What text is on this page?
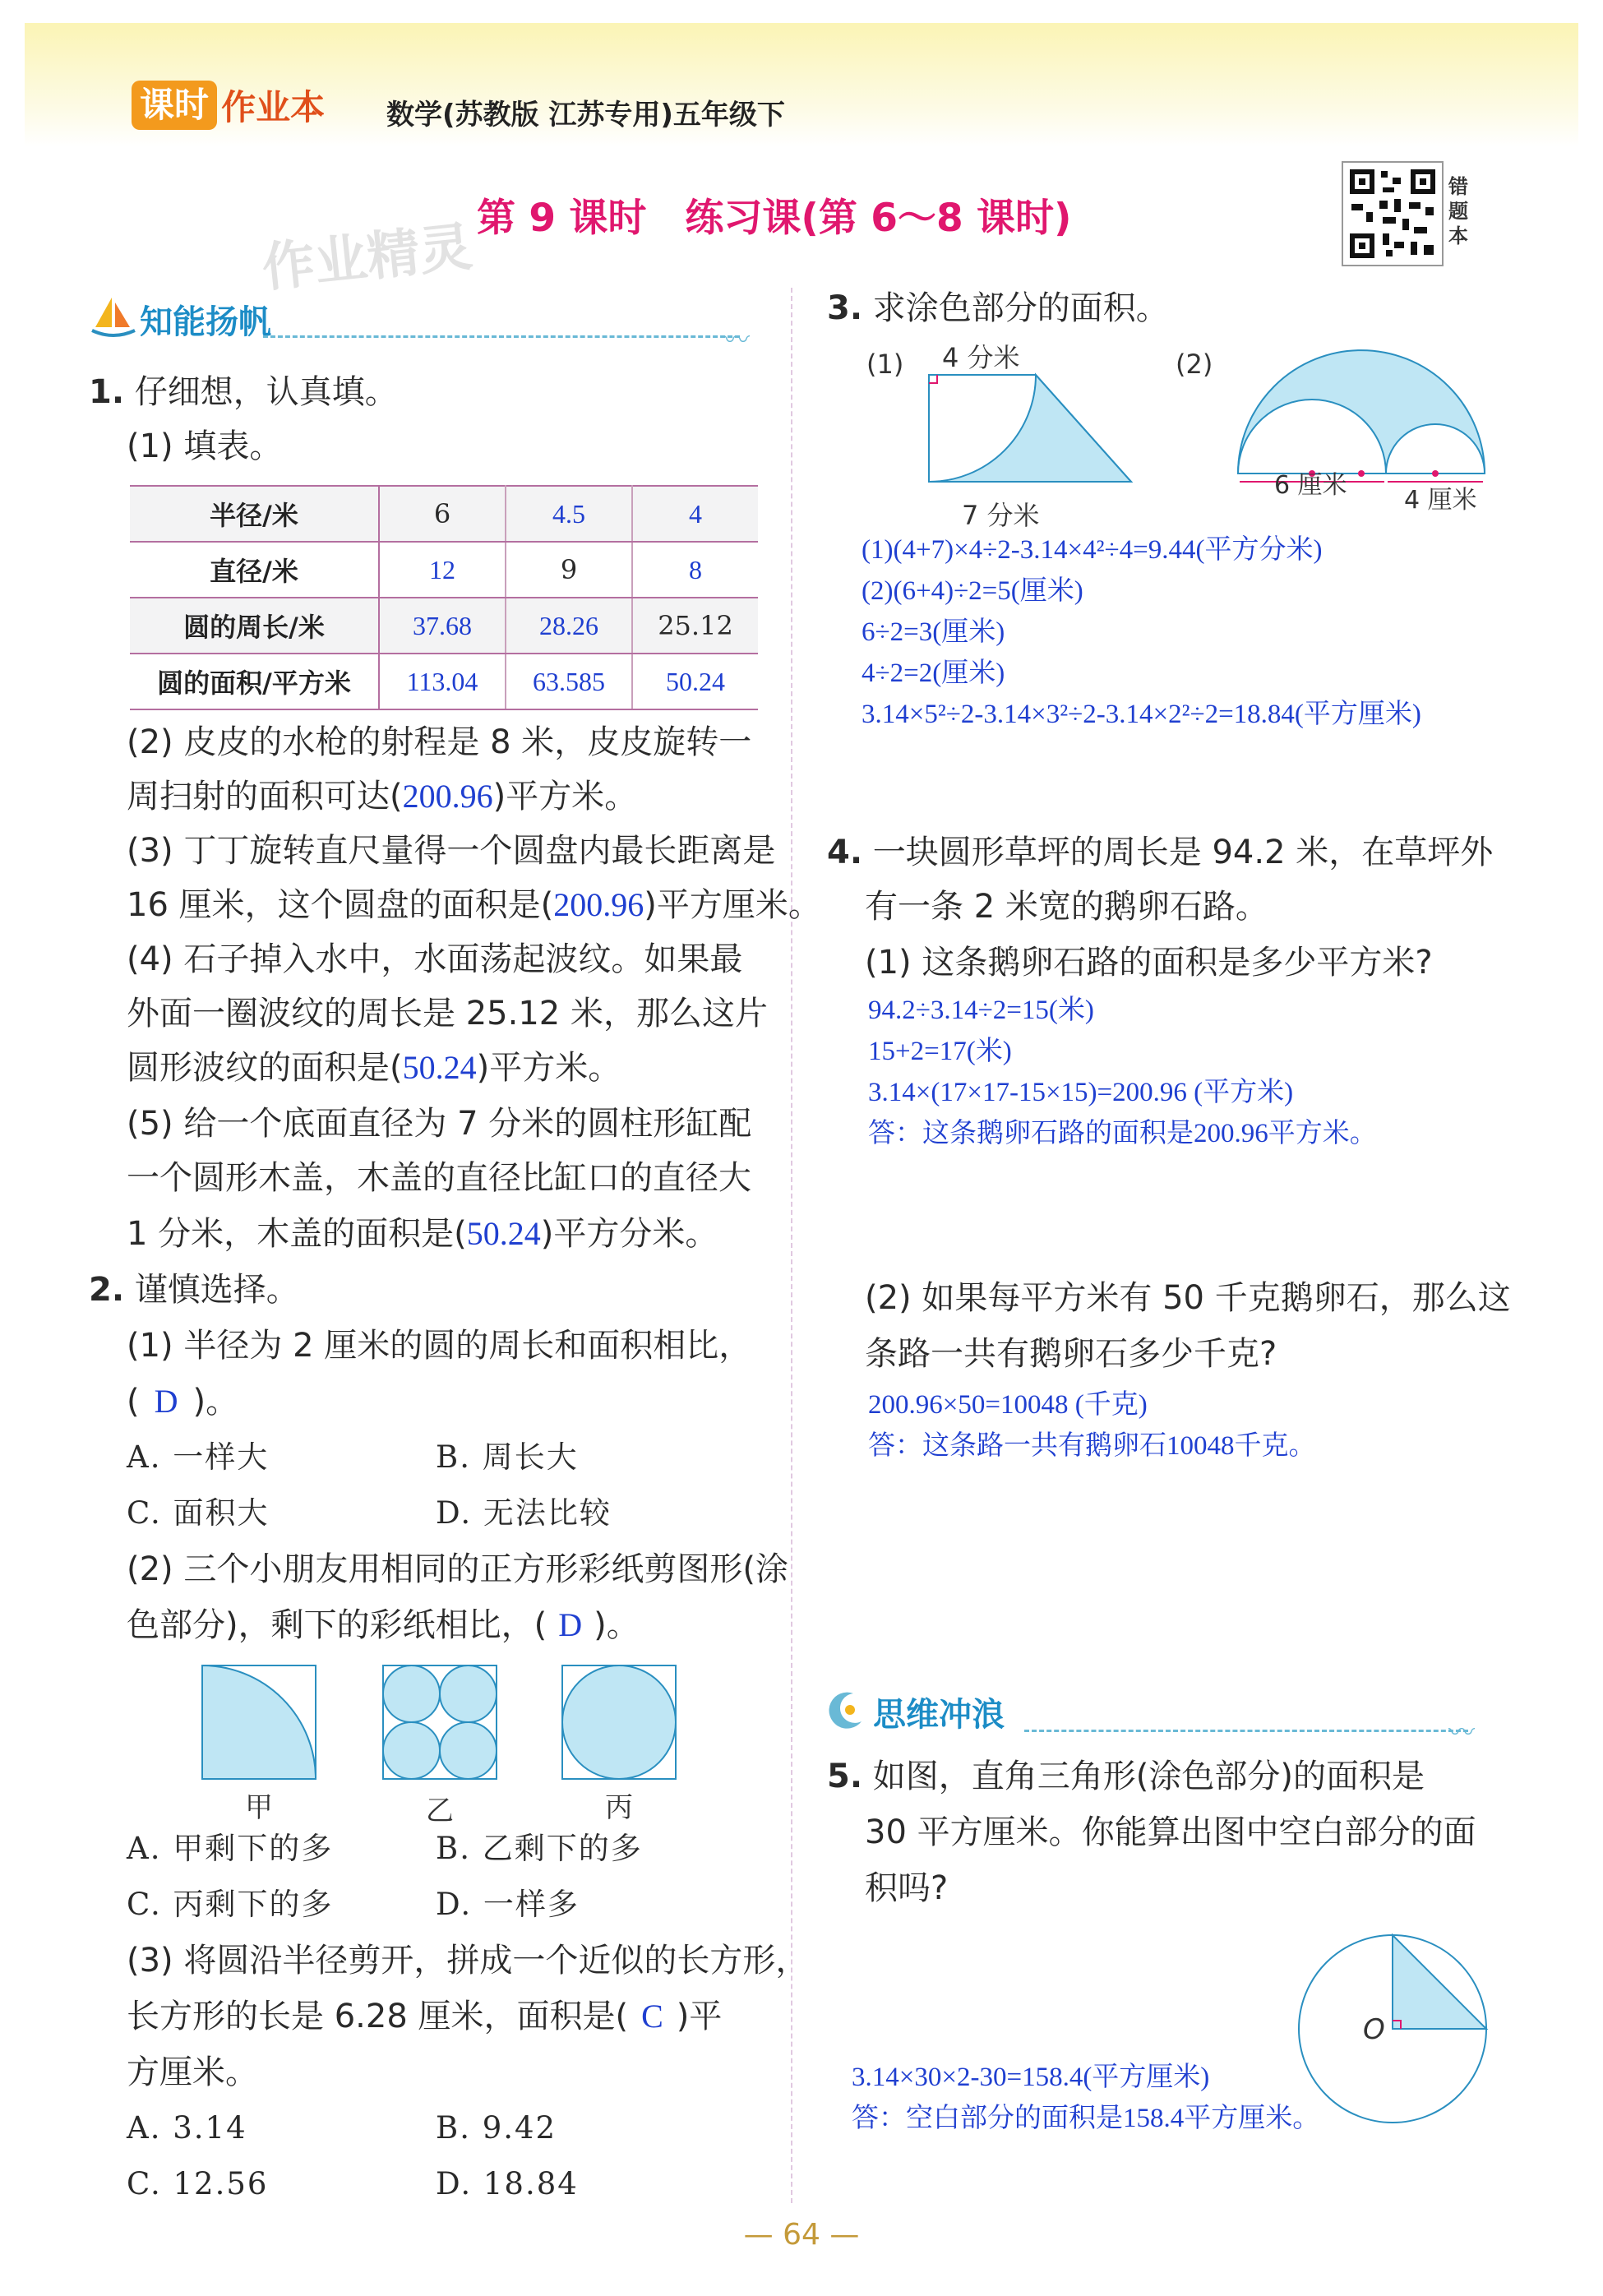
课时 作业本 数学(苏教版 江苏专用)五年级下
第 9 课时　练习课(第 6～8 课时)
作业精灵
错题本
知能扬帆	〰
1. 仔细想，认真填。
(1) 填表。
半径/米	6	4.5	4
直径/米	12	9	8
圆的周长/米	37.68	28.26	25.12
圆的面积/平方米	113.04	63.585	50.24
(2) 皮皮的水枪的射程是 8 米，皮皮旋转一
周扫射的面积可达(200.96)平方米。
(3) 丁丁旋转直尺量得一个圆盘内最长距离是
16 厘米，这个圆盘的面积是(200.96)平方厘米。
(4) 石子掉入水中，水面荡起波纹。如果最
外面一圈波纹的周长是 25.12 米，那么这片
圆形波纹的面积是(50.24)平方米。
(5) 给一个底面直径为 7 分米的圆柱形缸配
一个圆形木盖，木盖的直径比缸口的直径大
1 分米，木盖的面积是(50.24)平方分米。
2. 谨慎选择。
(1) 半径为 2 厘米的圆的周长和面积相比，
( D )。
A. 一样大	B. 周长大
C. 面积大	D. 无法比较
(2) 三个小朋友用相同的正方形彩纸剪图形(涂
色部分)，剩下的彩纸相比，( D )。
甲	乙	丙
A. 甲剩下的多	B. 乙剩下的多
C. 丙剩下的多	D. 一样多
(3) 将圆沿半径剪开，拼成一个近似的长方形，
长方形的长是 6.28 厘米，面积是( C )平
方厘米。
A. 3.14	B. 9.42
C. 12.56	D. 18.84
3. 求涂色部分的面积。
(1) 4 分米
7 分米
(2)
6 厘米
4 厘米
(1)(4+7)×4÷2-3.14×4²÷4=9.44(平方分米)
(2)(6+4)÷2=5(厘米)
6÷2=3(厘米)
4÷2=2(厘米)
3.14×5²÷2-3.14×3²÷2-3.14×2²÷2=18.84(平方厘米)
4. 一块圆形草坪的周长是 94.2 米，在草坪外
有一条 2 米宽的鹅卵石路。
(1) 这条鹅卵石路的面积是多少平方米?
94.2÷3.14÷2=15(米)
15+2=17(米)
3.14×(17×17-15×15)=200.96 (平方米)
答：这条鹅卵石路的面积是200.96平方米。
(2) 如果每平方米有 50 千克鹅卵石，那么这
条路一共有鹅卵石多少千克?
200.96×50=10048 (千克)
答：这条路一共有鹅卵石10048千克。
思维冲浪	〰
5. 如图，直角三角形(涂色部分)的面积是
30 平方厘米。你能算出图中空白部分的面
积吗?
O
3.14×30×2-30=158.4(平方厘米)
答：空白部分的面积是158.4平方厘米。
— 64 —
